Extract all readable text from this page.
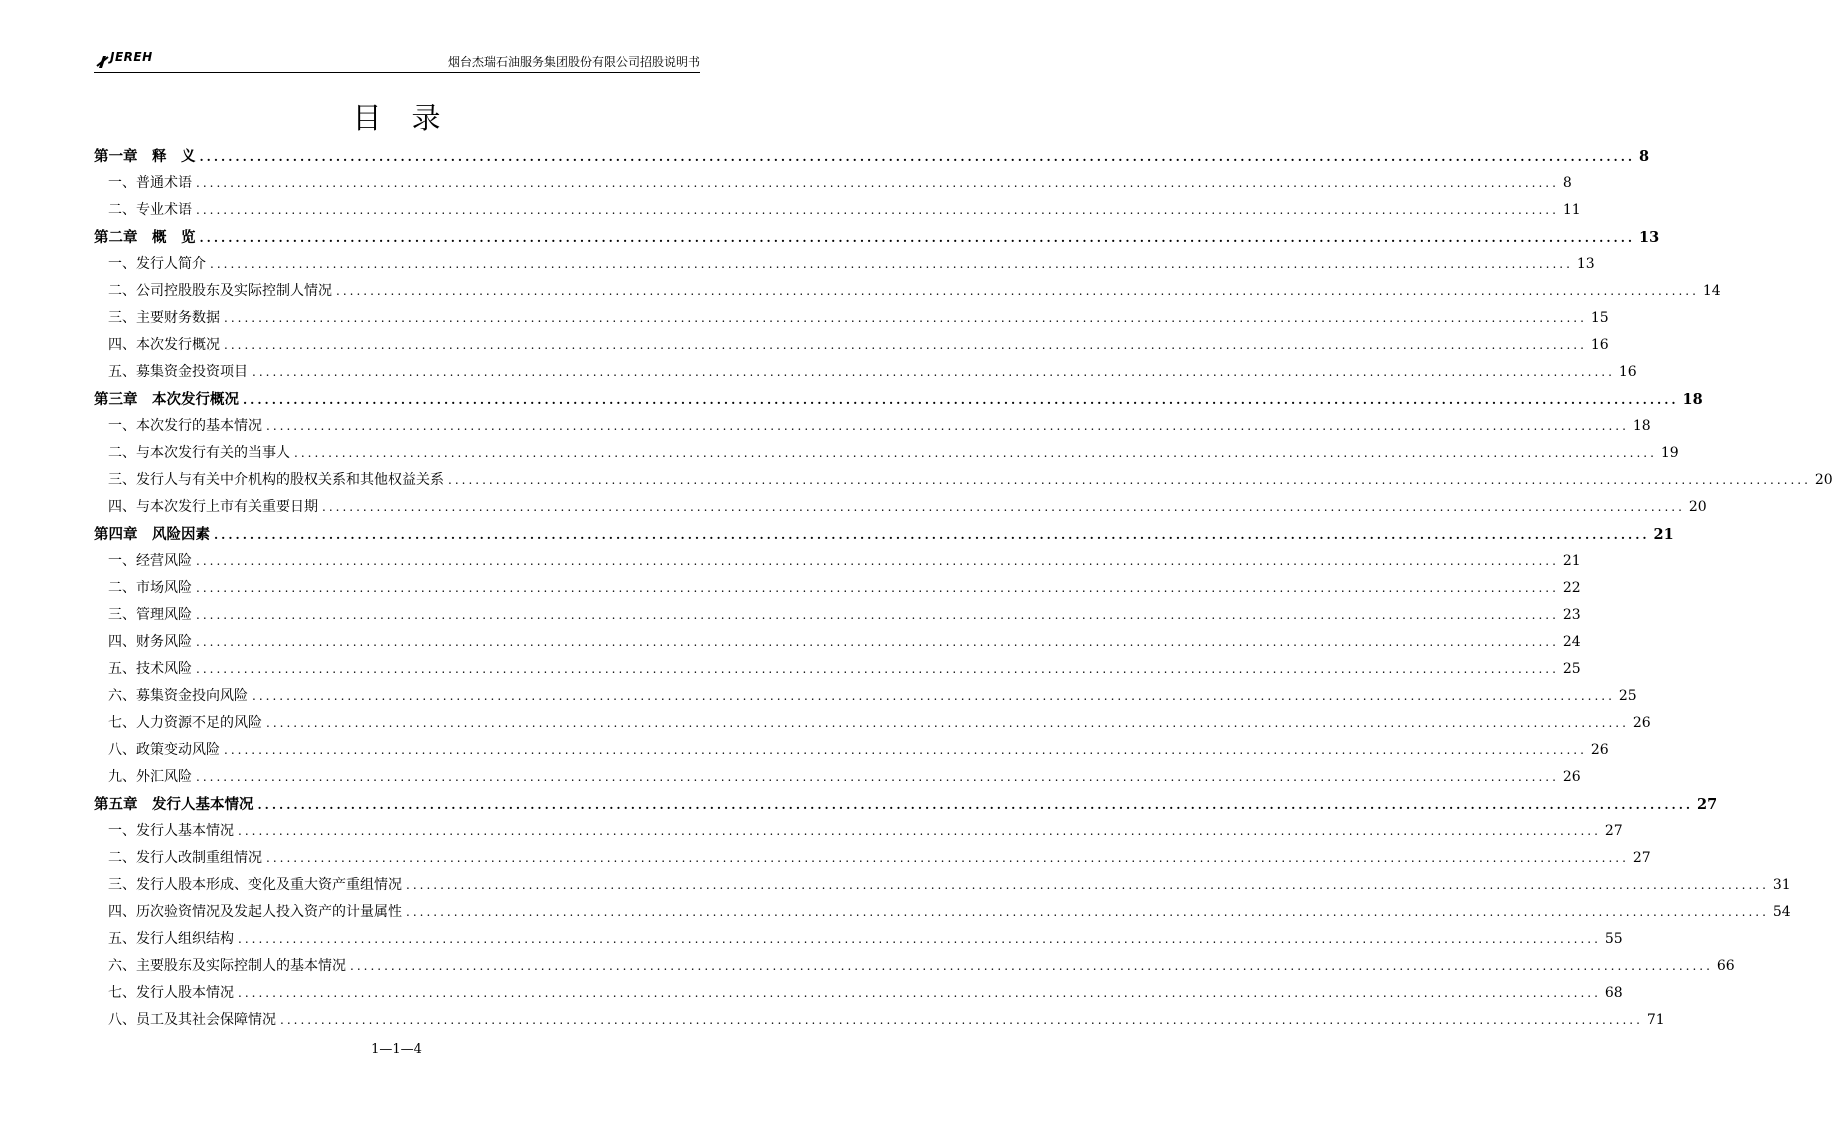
JEREH	烟台杰瑞石油服务集团股份有限公司招股说明书
目录
第一章　释　义 ........................................................................................................................................................................................................ 8
一、普通术语 ........................................................................................................................................................................................................ 8
二、专业术语 ........................................................................................................................................................................................................ 11
第二章　概　览 ........................................................................................................................................................................................................ 13
一、发行人简介 ........................................................................................................................................................................................................ 13
二、公司控股股东及实际控制人情况 ........................................................................................................................................................................................................ 14
三、主要财务数据 ........................................................................................................................................................................................................ 15
四、本次发行概况 ........................................................................................................................................................................................................ 16
五、募集资金投资项目 ........................................................................................................................................................................................................ 16
第三章　本次发行概况 ........................................................................................................................................................................................................ 18
一、本次发行的基本情况 ........................................................................................................................................................................................................ 18
二、与本次发行有关的当事人 ........................................................................................................................................................................................................ 19
三、发行人与有关中介机构的股权关系和其他权益关系 ........................................................................................................................................................................................................ 20
四、与本次发行上市有关重要日期 ........................................................................................................................................................................................................ 20
第四章　风险因素 ........................................................................................................................................................................................................ 21
一、经营风险 ........................................................................................................................................................................................................ 21
二、市场风险 ........................................................................................................................................................................................................ 22
三、管理风险 ........................................................................................................................................................................................................ 23
四、财务风险 ........................................................................................................................................................................................................ 24
五、技术风险 ........................................................................................................................................................................................................ 25
六、募集资金投向风险 ........................................................................................................................................................................................................ 25
七、人力资源不足的风险 ........................................................................................................................................................................................................ 26
八、政策变动风险 ........................................................................................................................................................................................................ 26
九、外汇风险 ........................................................................................................................................................................................................ 26
第五章　发行人基本情况 ........................................................................................................................................................................................................ 27
一、发行人基本情况 ........................................................................................................................................................................................................ 27
二、发行人改制重组情况 ........................................................................................................................................................................................................ 27
三、发行人股本形成、变化及重大资产重组情况 ........................................................................................................................................................................................................ 31
四、历次验资情况及发起人投入资产的计量属性 ........................................................................................................................................................................................................ 54
五、发行人组织结构 ........................................................................................................................................................................................................ 55
六、主要股东及实际控制人的基本情况 ........................................................................................................................................................................................................ 66
七、发行人股本情况 ........................................................................................................................................................................................................ 68
八、员工及其社会保障情况 ........................................................................................................................................................................................................ 71
1—1—4
